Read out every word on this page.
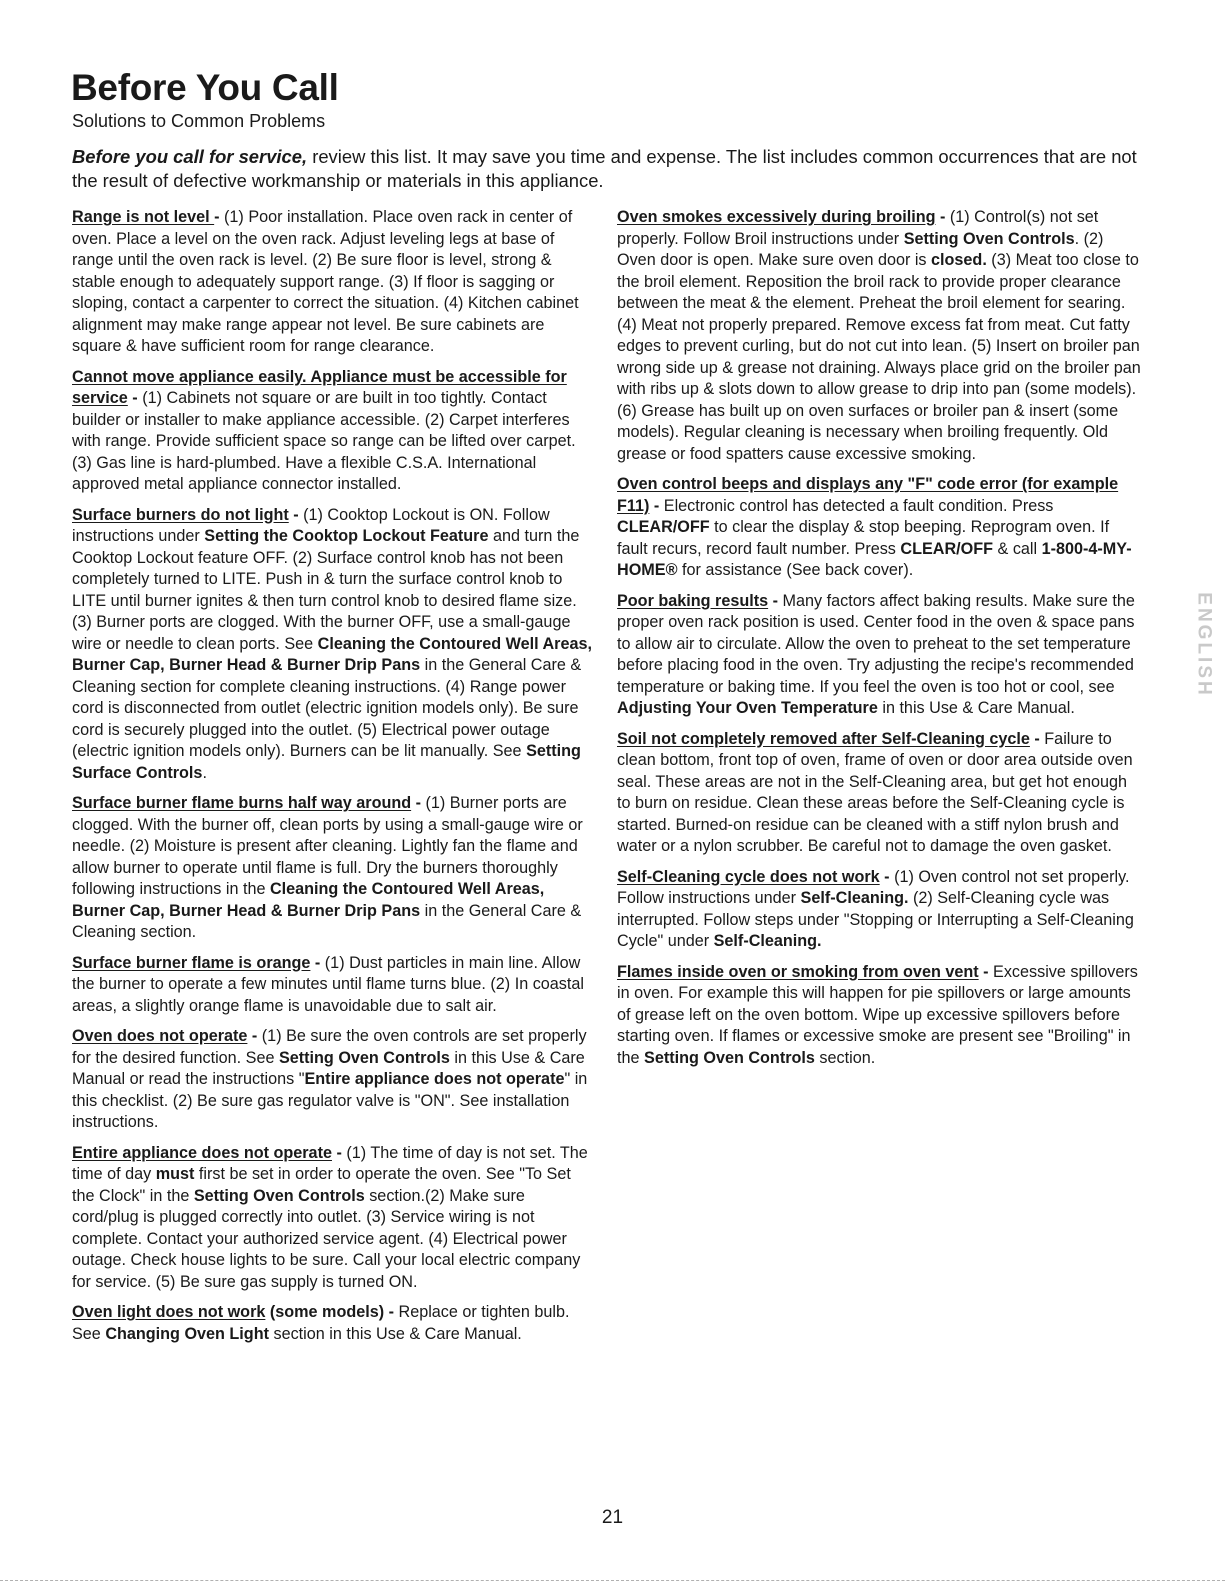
Before You Call

Solutions to Common Problems

Before you call for service, review this list. It may save you time and expense. The list includes common occurrences that are not the result of defective workmanship or materials in this appliance.

Range is not level - (1) Poor installation. Place oven rack in center of oven. Place a level on the oven rack. Adjust leveling legs at base of range until the oven rack is level. (2) Be sure floor is level, strong & stable enough to adequately support range. (3) If floor is sagging or sloping, contact a carpenter to correct the situation. (4) Kitchen cabinet alignment may make range appear not level. Be sure cabinets are square & have sufficient room for range clearance.

Cannot move appliance easily. Appliance must be accessible for service - (1) Cabinets not square or are built in too tightly. Contact builder or installer to make appliance accessible. (2) Carpet interferes with range. Provide sufficient space so range can be lifted over carpet. (3) Gas line is hard-plumbed. Have a flexible C.S.A. International approved metal appliance connector installed.

Surface burners do not light - (1) Cooktop Lockout is ON. Follow instructions under Setting the Cooktop Lockout Feature and turn the Cooktop Lockout feature OFF. (2) Surface control knob has not been completely turned to LITE. Push in & turn the surface control knob to LITE until burner ignites & then turn control knob to desired flame size. (3) Burner ports are clogged. With the burner OFF, use a small-gauge wire or needle to clean ports. See Cleaning the Contoured Well Areas, Burner Cap, Burner Head & Burner Drip Pans in the General Care & Cleaning section for complete cleaning instructions. (4) Range power cord is disconnected from outlet (electric ignition models only). Be sure cord is securely plugged into the outlet. (5) Electrical power outage (electric ignition models only). Burners can be lit manually. See Setting Surface Controls.

Surface burner flame burns half way around - (1) Burner ports are clogged. With the burner off, clean ports by using a small-gauge wire or needle. (2) Moisture is present after cleaning. Lightly fan the flame and allow burner to operate until flame is full. Dry the burners thoroughly following instructions in the Cleaning the Contoured Well Areas, Burner Cap, Burner Head & Burner Drip Pans in the General Care & Cleaning section.

Surface burner flame is orange - (1) Dust particles in main line. Allow the burner to operate a few minutes until flame turns blue. (2) In coastal areas, a slightly orange flame is unavoidable due to salt air.

Oven does not operate - (1) Be sure the oven controls are set properly for the desired function. See Setting Oven Controls in this Use & Care Manual or read the instructions "Entire appliance does not operate" in this checklist. (2) Be sure gas regulator valve is "ON". See installation instructions.

Entire appliance does not operate - (1) The time of day is not set. The time of day must first be set in order to operate the oven. See "To Set the Clock" in the Setting Oven Controls section.(2) Make sure cord/plug is plugged correctly into outlet. (3) Service wiring is not complete. Contact your authorized service agent. (4) Electrical power outage. Check house lights to be sure. Call your local electric company for service. (5) Be sure gas supply is turned ON.

Oven light does not work (some models) - Replace or tighten bulb. See Changing Oven Light section in this Use & Care Manual.

Oven smokes excessively during broiling - (1) Control(s) not set properly. Follow Broil instructions under Setting Oven Controls. (2) Oven door is open. Make sure oven door is closed. (3) Meat too close to the broil element. Reposition the broil rack to provide proper clearance between the meat & the element. Preheat the broil element for searing. (4) Meat not properly prepared. Remove excess fat from meat. Cut fatty edges to prevent curling, but do not cut into lean. (5) Insert on broiler pan wrong side up & grease not draining. Always place grid on the broiler pan with ribs up & slots down to allow grease to drip into pan (some models). (6) Grease has built up on oven surfaces or broiler pan & insert (some models). Regular cleaning is necessary when broiling frequently. Old grease or food spatters cause excessive smoking.

Oven control beeps and displays any "F" code error (for example F11) - Electronic control has detected a fault condition. Press CLEAR/OFF to clear the display & stop beeping. Reprogram oven. If fault recurs, record fault number. Press CLEAR/OFF & call 1-800-4-MY-HOME® for assistance (See back cover).

Poor baking results - Many factors affect baking results. Make sure the proper oven rack position is used. Center food in the oven & space pans to allow air to circulate. Allow the oven to preheat to the set temperature before placing food in the oven. Try adjusting the recipe's recommended temperature or baking time. If you feel the oven is too hot or cool, see Adjusting Your Oven Temperature in this Use & Care Manual.

Soil not completely removed after Self-Cleaning cycle - Failure to clean bottom, front top of oven, frame of oven or door area outside oven seal. These areas are not in the Self-Cleaning area, but get hot enough to burn on residue. Clean these areas before the Self-Cleaning cycle is started. Burned-on residue can be cleaned with a stiff nylon brush and water or a nylon scrubber. Be careful not to damage the oven gasket.

Self-Cleaning cycle does not work - (1) Oven control not set properly. Follow instructions under Self-Cleaning. (2) Self-Cleaning cycle was interrupted. Follow steps under "Stopping or Interrupting a Self-Cleaning Cycle" under Self-Cleaning.

Flames inside oven or smoking from oven vent - Excessive spillovers in oven. For example this will happen for pie spillovers or large amounts of grease left on the oven bottom. Wipe up excessive spillovers before starting oven. If flames or excessive smoke are present see "Broiling" in the Setting Oven Controls section.

ENGLISH
21
